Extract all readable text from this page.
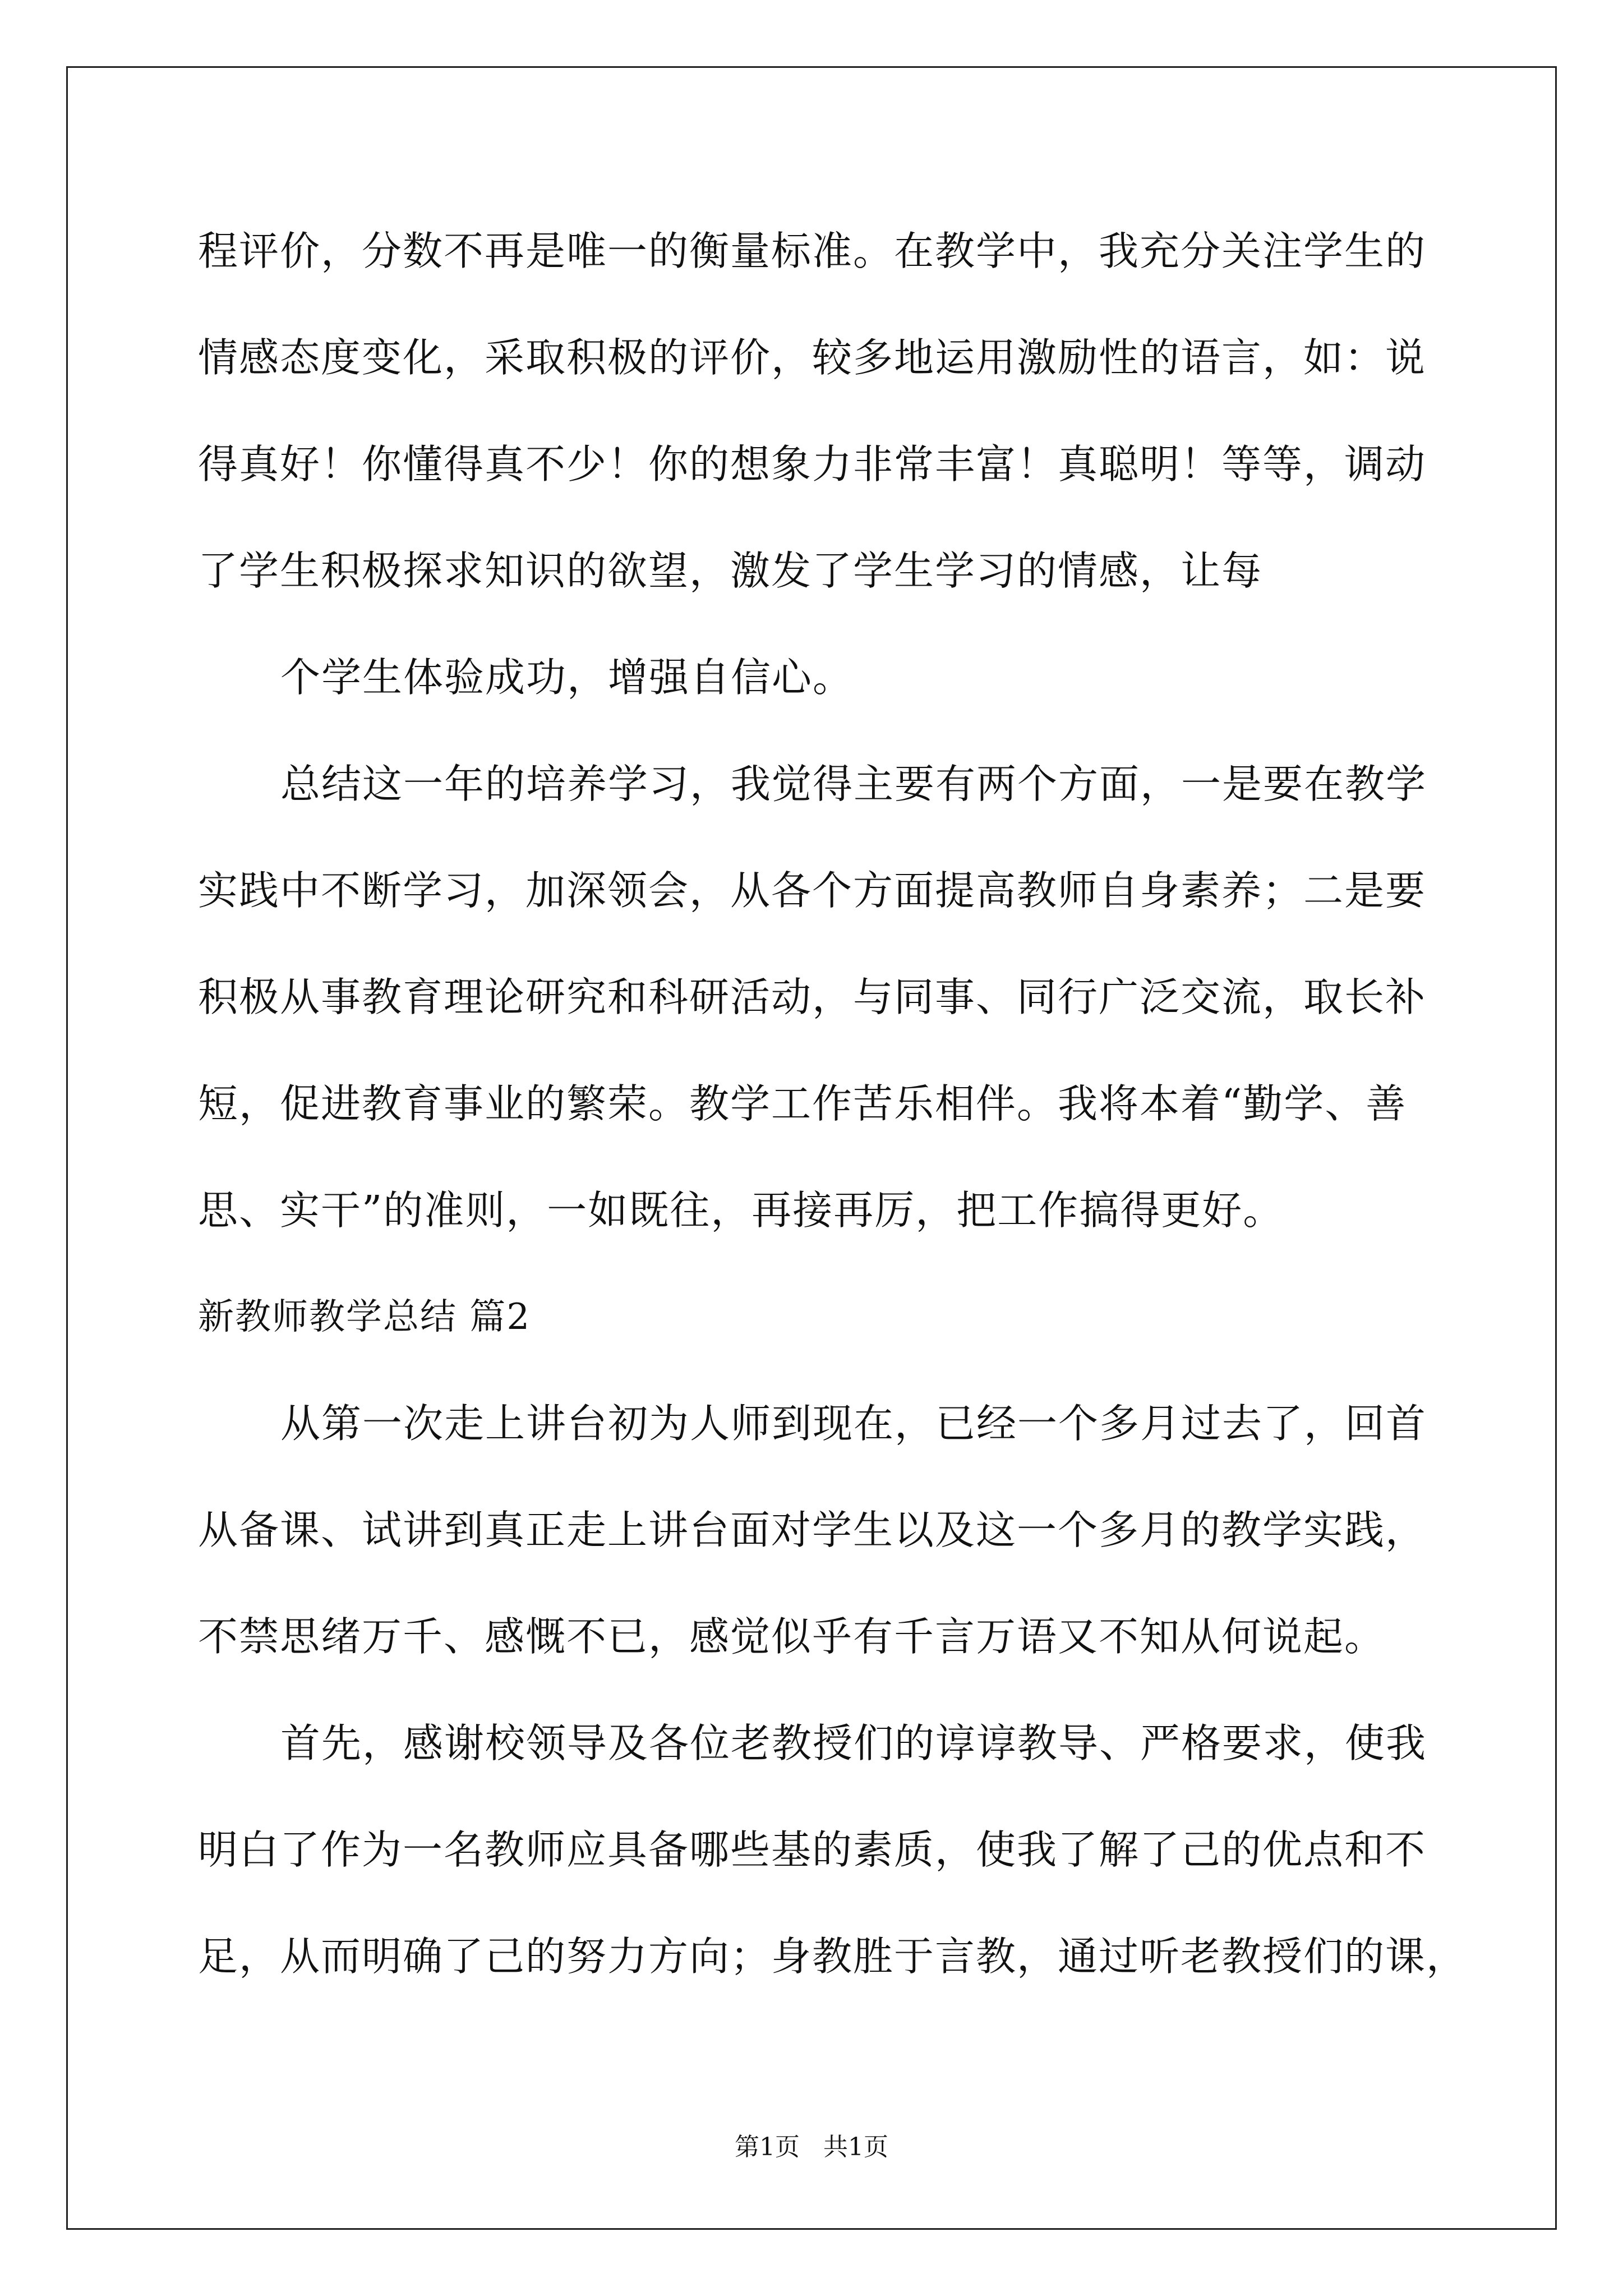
程评价，分数不再是唯一的衡量标准。在教学中，我充分关注学生的
情感态度变化，采取积极的评价，较多地运用激励性的语言，如：说
得真好！你懂得真不少！你的想象力非常丰富！真聪明！等等，调动
了学生积极探求知识的欲望，激发了学生学习的情感，让每
个学生体验成功，增强自信心。
总结这一年的培养学习，我觉得主要有两个方面，一是要在教学
实践中不断学习，加深领会，从各个方面提高教师自身素养；二是要
积极从事教育理论研究和科研活动，与同事、同行广泛交流，取长补
短，促进教育事业的繁荣。教学工作苦乐相伴。我将本着“勤学、善
思、实干”的准则，一如既往，再接再厉，把工作搞得更好。
新教师教学总结 篇2
从第一次走上讲台初为人师到现在，已经一个多月过去了，回首
从备课、试讲到真正走上讲台面对学生以及这一个多月的教学实践，
不禁思绪万千、感慨不已，感觉似乎有千言万语又不知从何说起。
首先，感谢校领导及各位老教授们的谆谆教导、严格要求，使我
明白了作为一名教师应具备哪些基的素质，使我了解了己的优点和不
足，从而明确了己的努力方向；身教胜于言教，通过听老教授们的课，
第1页   共1页
